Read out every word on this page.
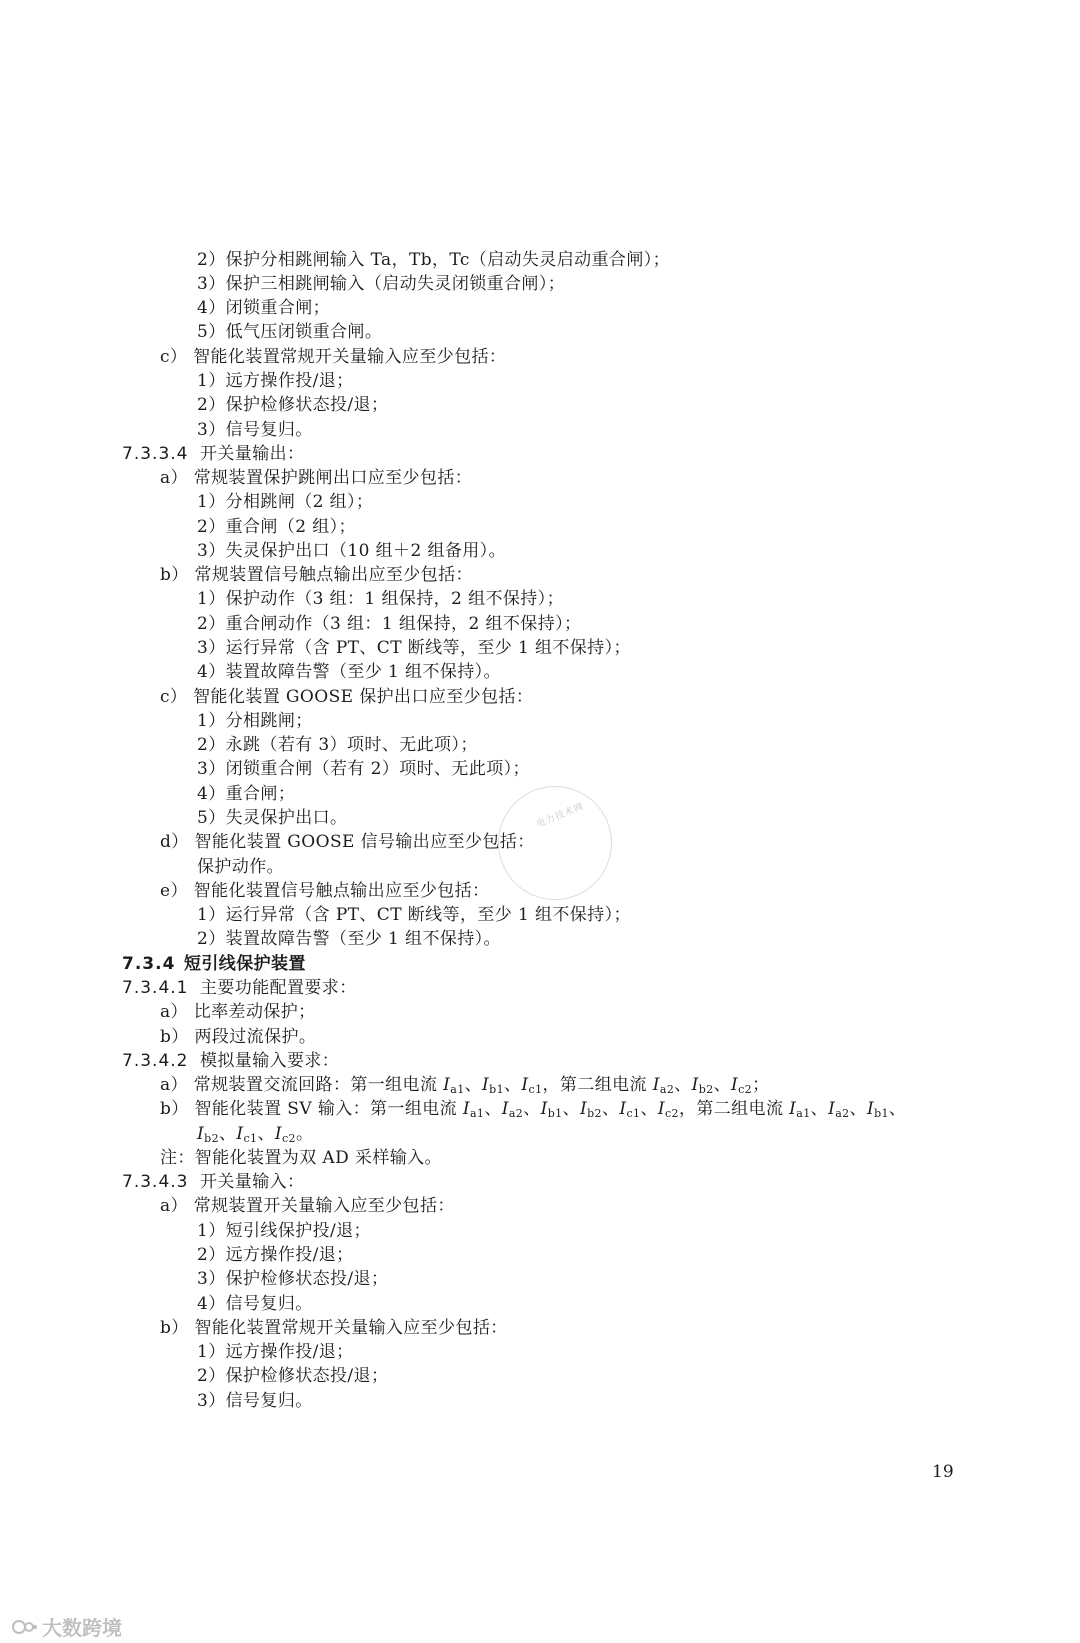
电力技术网
2）保护分相跳闸输入 Ta，Tb，Tc（启动失灵启动重合闸）；
3）保护三相跳闸输入（启动失灵闭锁重合闸）；
4）闭锁重合闸；
5）低气压闭锁重合闸。
c） 智能化装置常规开关量输入应至少包括：
1）远方操作投/退；
2）保护检修状态投/退；
3）信号复归。
7.3.3.4 开关量输出：
a） 常规装置保护跳闸出口应至少包括：
1）分相跳闸（2 组）；
2）重合闸（2 组）；
3）失灵保护出口（10 组＋2 组备用）。
b） 常规装置信号触点输出应至少包括：
1）保护动作（3 组：1 组保持，2 组不保持）；
2）重合闸动作（3 组：1 组保持，2 组不保持）；
3）运行异常（含 PT、CT 断线等，至少 1 组不保持）；
4）装置故障告警（至少 1 组不保持）。
c） 智能化装置 GOOSE 保护出口应至少包括：
1）分相跳闸；
2）永跳（若有 3）项时、无此项）；
3）闭锁重合闸（若有 2）项时、无此项）；
4）重合闸；
5）失灵保护出口。
d） 智能化装置 GOOSE 信号输出应至少包括：
保护动作。
e） 智能化装置信号触点输出应至少包括：
1）运行异常（含 PT、CT 断线等，至少 1 组不保持）；
2）装置故障告警（至少 1 组不保持）。
7.3.4 短引线保护装置
7.3.4.1 主要功能配置要求：
a） 比率差动保护；
b） 两段过流保护。
7.3.4.2 模拟量输入要求：
a） 常规装置交流回路：第一组电流 $I_{a1}$、$I_{b1}$、$I_{c1}$，第二组电流 $I_{a2}$、$I_{b2}$、$I_{c2}$；
b） 智能化装置 SV 输入：第一组电流 $I_{a1}$、$I_{a2}$、$I_{b1}$、$I_{b2}$、$I_{c1}$、$I_{c2}$，第二组电流 $I_{a1}$、$I_{a2}$、$I_{b1}$、
$I_{b2}$、$I_{c1}$、$I_{c2}$。
注：智能化装置为双 AD 采样输入。
7.3.4.3 开关量输入：
a） 常规装置开关量输入应至少包括：
1）短引线保护投/退；
2）远方操作投/退；
3）保护检修状态投/退；
4）信号复归。
b） 智能化装置常规开关量输入应至少包括：
1）远方操作投/退；
2）保护检修状态投/退；
3）信号复归。
19
大数跨境
